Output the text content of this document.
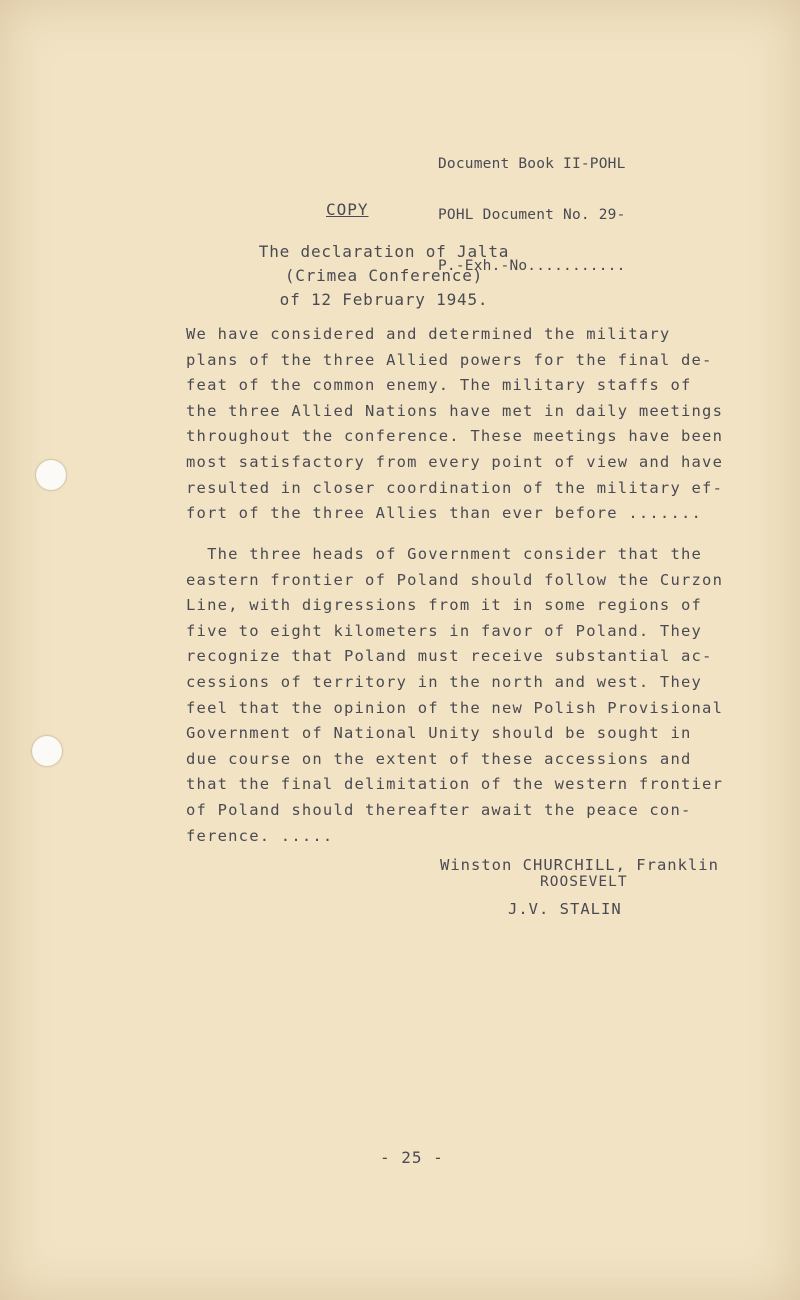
Document Book II-POHL

POHL Document No. 29-

P.-Exh.-No...........

COPY
The declaration of Jalta
(Crimea Conference)
of 12 February 1945.
We have considered and determined the military
plans of the three Allied powers for the final de-
feat of the common enemy. The military staffs of
the three Allied Nations have met in daily meetings
throughout the conference. These meetings have been
most satisfactory from every point of view and have
resulted in closer coordination of the military ef-
fort of the three Allies than ever before .......
The three heads of Government consider that the
eastern frontier of Poland should follow the Curzon
Line, with digressions from it in some regions of
five to eight kilometers in favor of Poland. They
recognize that Poland must receive substantial ac-
cessions of territory in the north and west. They
feel that the opinion of the new Polish Provisional
Government of National Unity should be sought in
due course on the extent of these accessions and
that the final delimitation of the western frontier
of Poland should thereafter await the peace con-
ference. .....
Winston CHURCHILL, Franklin
ROOSEVELT
J.V. STALIN
- 25 -
